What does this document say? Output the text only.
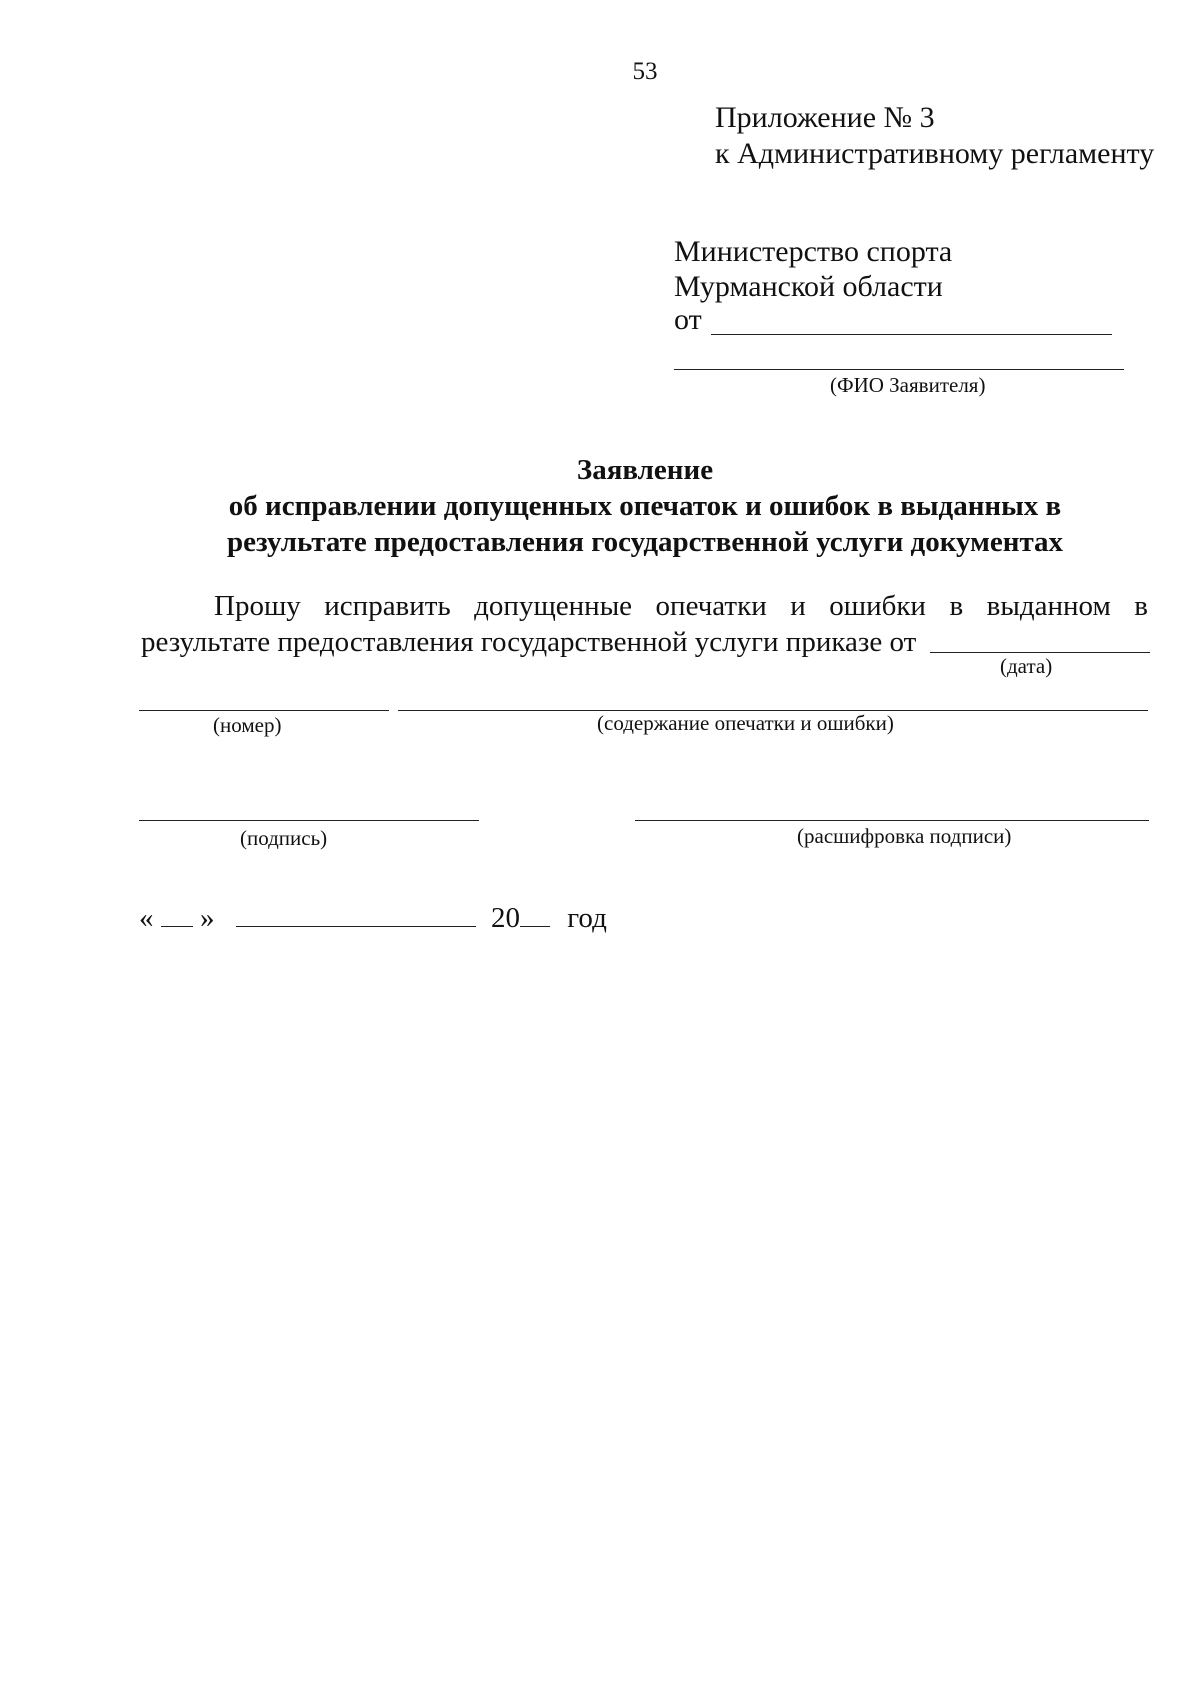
53
Приложение № 3
к Административному регламенту
Министерство спорта
Мурманской области
от
(ФИО Заявителя)
Заявление
об исправлении допущенных опечаток и ошибок в выданных в
результате предоставления государственной услуги документах
Прошу исправить допущенные опечатки и ошибки в выданном в
результате предоставления государственной услуги приказе от
(дата)
(номер)	(содержание опечатки и ошибки)
(подпись)	(расшифровка подписи)
« »	20 год
